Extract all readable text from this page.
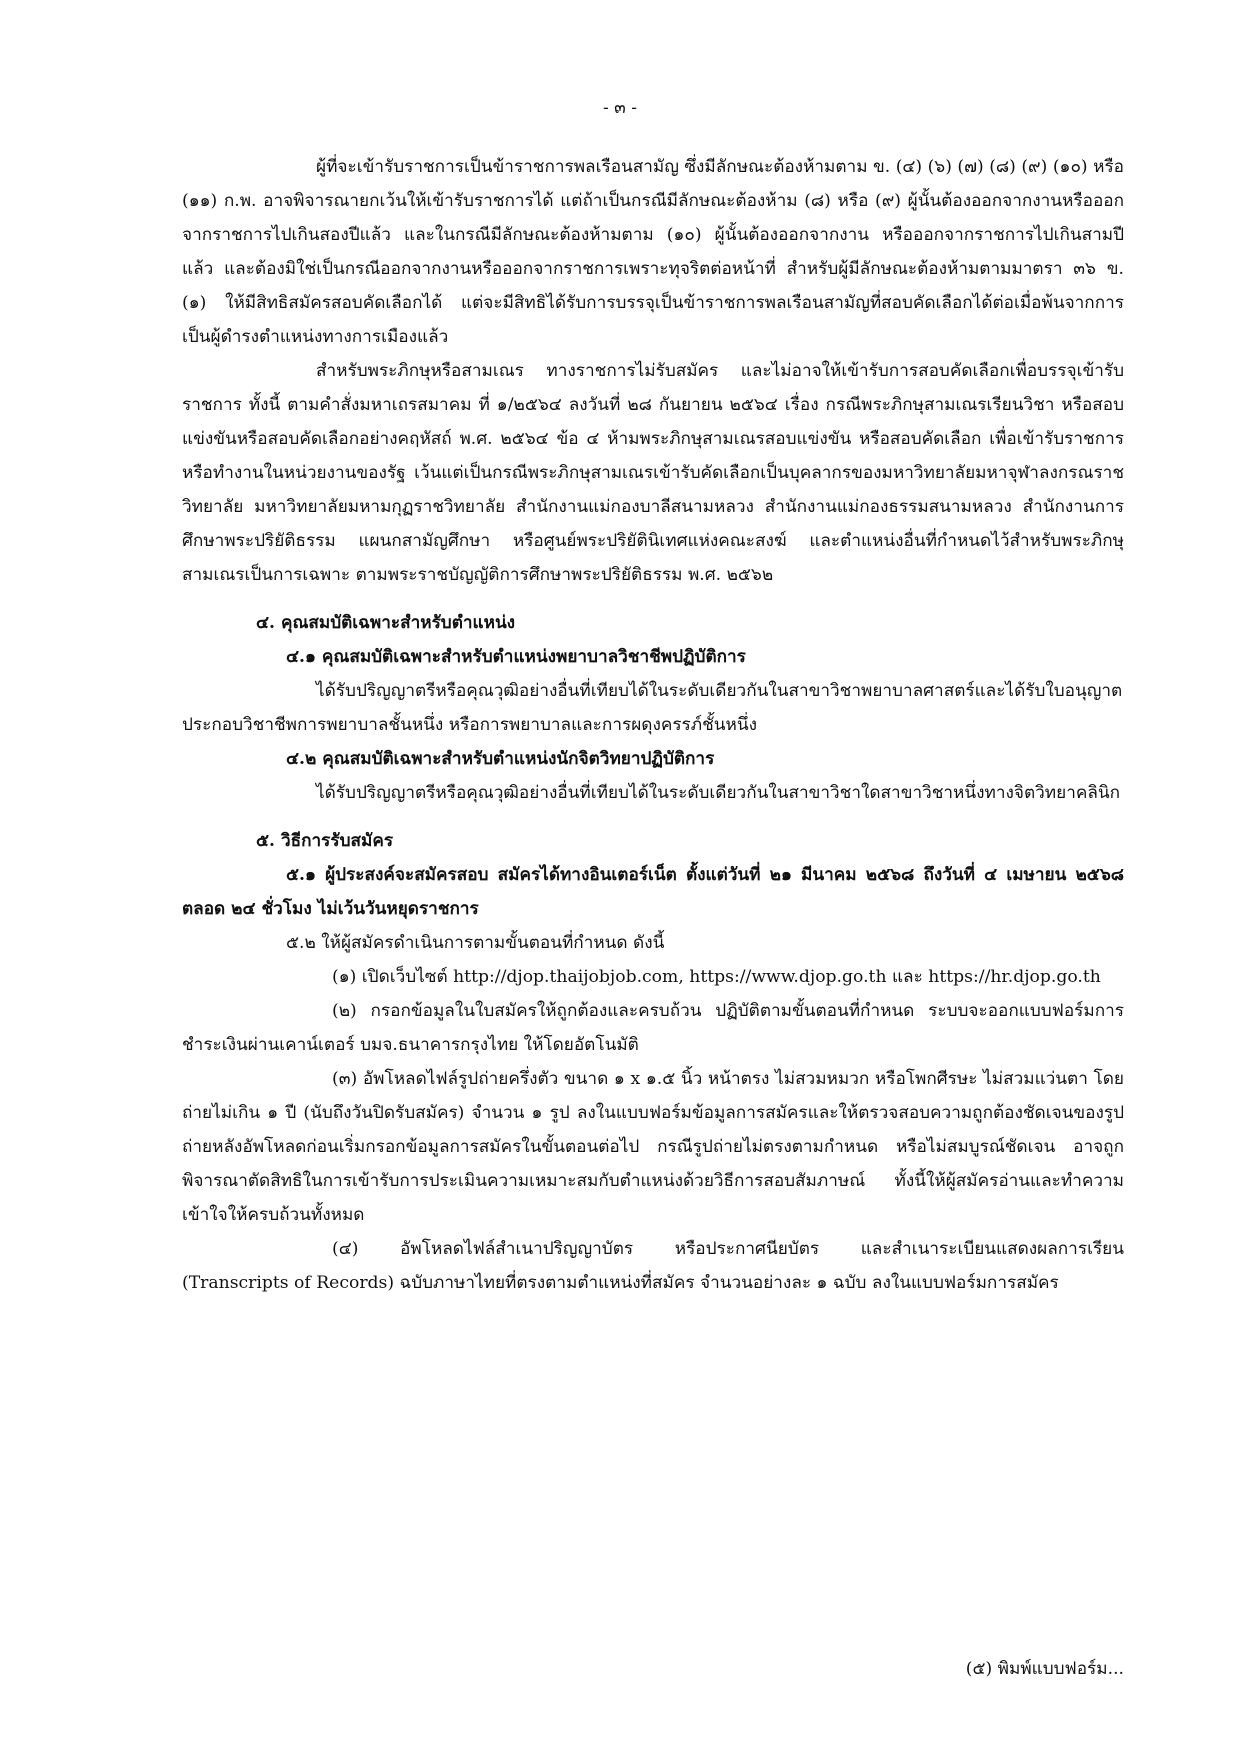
- ๓ -

ผู้ที่จะเข้ารับราชการเป็นข้าราชการพลเรือนสามัญ ซึ่งมีลักษณะต้องห้ามตาม ข. (๔) (๖) (๗) (๘) (๙) (๑๐) หรือ (๑๑) ก.พ. อาจพิจารณายกเว้นให้เข้ารับราชการได้ แต่ถ้าเป็นกรณีมีลักษณะต้องห้าม (๘) หรือ (๙) ผู้นั้นต้องออกจากงานหรือออกจากราชการไปเกินสองปีแล้ว และในกรณีมีลักษณะต้องห้ามตาม (๑๐) ผู้นั้นต้องออกจากงาน หรือออกจากราชการไปเกินสามปีแล้ว และต้องมิใช่เป็นกรณีออกจากงานหรือออกจากราชการเพราะทุจริตต่อหน้าที่ สำหรับผู้มีลักษณะต้องห้ามตามมาตรา ๓๖ ข. (๑) ให้มีสิทธิสมัครสอบคัดเลือกได้ แต่จะมีสิทธิได้รับการบรรจุเป็นข้าราชการพลเรือนสามัญที่สอบคัดเลือกได้ต่อเมื่อพ้นจากการเป็นผู้ดำรงตำแหน่งทางการเมืองแล้ว

สำหรับพระภิกษุหรือสามเณร ทางราชการไม่รับสมัคร และไม่อาจให้เข้ารับการสอบคัดเลือกเพื่อบรรจุเข้ารับราชการ ทั้งนี้ ตามคำสั่งมหาเถรสมาคม ที่ ๑/๒๕๖๔ ลงวันที่ ๒๘ กันยายน ๒๕๖๔ เรื่อง กรณีพระภิกษุสามเณรเรียนวิชา หรือสอบแข่งขันหรือสอบคัดเลือกอย่างคฤหัสถ์ พ.ศ. ๒๕๖๔ ข้อ ๔ ห้ามพระภิกษุสามเณรสอบแข่งขัน หรือสอบคัดเลือก เพื่อเข้ารับราชการ หรือทำงานในหน่วยงานของรัฐ เว้นแต่เป็นกรณีพระภิกษุสามเณรเข้ารับคัดเลือกเป็นบุคลากรของมหาวิทยาลัยมหาจุฬาลงกรณราชวิทยาลัย มหาวิทยาลัยมหามกุฏราชวิทยาลัย สำนักงานแม่กองบาลีสนามหลวง สำนักงานแม่กองธรรมสนามหลวง สำนักงานการศึกษาพระปริยัติธรรม แผนกสามัญศึกษา หรือศูนย์พระปริยัตินิเทศแห่งคณะสงฆ์ และตำแหน่งอื่นที่กำหนดไว้สำหรับพระภิกษุสามเณรเป็นการเฉพาะ ตามพระราชบัญญัติการศึกษาพระปริยัติธรรม พ.ศ. ๒๕๖๒

๔. คุณสมบัติเฉพาะสำหรับตำแหน่ง

๔.๑ คุณสมบัติเฉพาะสำหรับตำแหน่งพยาบาลวิชาชีพปฏิบัติการ

ได้รับปริญญาตรีหรือคุณวุฒิอย่างอื่นที่เทียบได้ในระดับเดียวกันในสาขาวิชาพยาบาลศาสตร์และได้รับใบอนุญาตประกอบวิชาชีพการพยาบาลชั้นหนึ่ง หรือการพยาบาลและการผดุงครรภ์ชั้นหนึ่ง

๔.๒ คุณสมบัติเฉพาะสำหรับตำแหน่งนักจิตวิทยาปฏิบัติการ

ได้รับปริญญาตรีหรือคุณวุฒิอย่างอื่นที่เทียบได้ในระดับเดียวกันในสาขาวิชาใดสาขาวิชาหนึ่งทางจิตวิทยาคลินิก

๕. วิธีการรับสมัคร

๕.๑ ผู้ประสงค์จะสมัครสอบ สมัครได้ทางอินเตอร์เน็ต ตั้งแต่วันที่ ๒๑ มีนาคม ๒๕๖๘ ถึงวันที่ ๔ เมษายน ๒๕๖๘ ตลอด ๒๔ ชั่วโมง ไม่เว้นวันหยุดราชการ

๕.๒ ให้ผู้สมัครดำเนินการตามขั้นตอนที่กำหนด ดังนี้

(๑) เปิดเว็บไซต์ http://djop.thaijobjob.com, https://www.djop.go.th และ https://hr.djop.go.th

(๒) กรอกข้อมูลในใบสมัครให้ถูกต้องและครบถ้วน ปฏิบัติตามขั้นตอนที่กำหนด ระบบจะออกแบบฟอร์มการชำระเงินผ่านเคาน์เตอร์ บมจ.ธนาคารกรุงไทย ให้โดยอัตโนมัติ

(๓) อัพโหลดไฟล์รูปถ่ายครึ่งตัว ขนาด ๑ x ๑.๕ นิ้ว หน้าตรง ไม่สวมหมวก หรือโพกศีรษะ ไม่สวมแว่นตา โดยถ่ายไม่เกิน ๑ ปี (นับถึงวันปิดรับสมัคร) จำนวน ๑ รูป ลงในแบบฟอร์มข้อมูลการสมัครและให้ตรวจสอบความถูกต้องชัดเจนของรูปถ่ายหลังอัพโหลดก่อนเริ่มกรอกข้อมูลการสมัครในขั้นตอนต่อไป กรณีรูปถ่ายไม่ตรงตามกำหนด หรือไม่สมบูรณ์ชัดเจน อาจถูกพิจารณาตัดสิทธิในการเข้ารับการประเมินความเหมาะสมกับตำแหน่งด้วยวิธีการสอบสัมภาษณ์ ทั้งนี้ให้ผู้สมัครอ่านและทำความเข้าใจให้ครบถ้วนทั้งหมด

(๔) อัพโหลดไฟล์สำเนาปริญญาบัตร หรือประกาศนียบัตร และสำเนาระเบียนแสดงผลการเรียน (Transcripts of Records) ฉบับภาษาไทยที่ตรงตามตำแหน่งที่สมัคร จำนวนอย่างละ ๑ ฉบับ ลงในแบบฟอร์มการสมัคร

(๕) พิมพ์แบบฟอร์ม...
